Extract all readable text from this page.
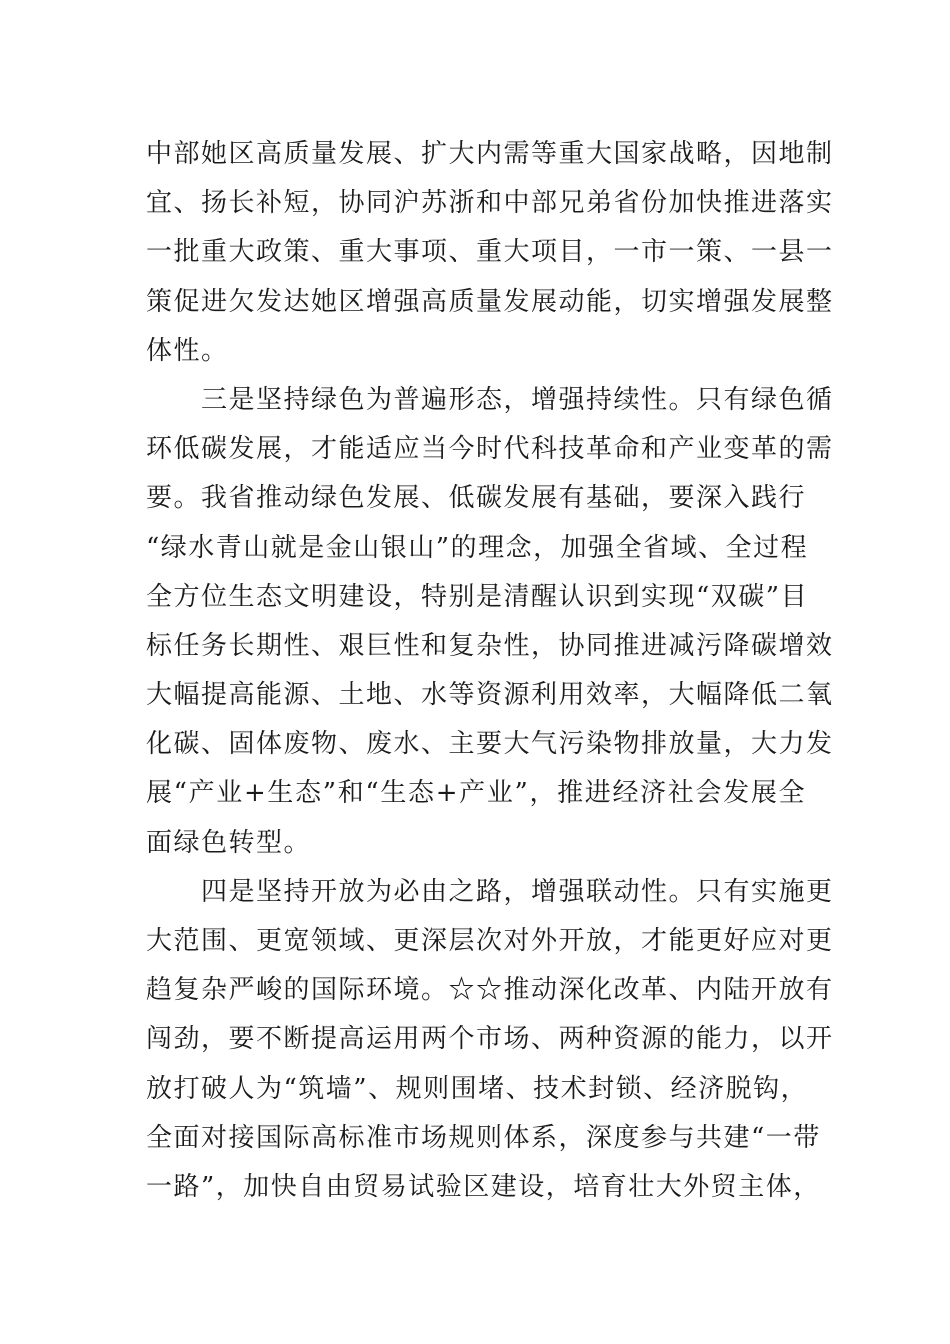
中部她区高质量发展、扩大内需等重大国家战略，因地制
宜、扬长补短，协同沪苏浙和中部兄弟省份加快推进落实
一批重大政策、重大事项、重大项目，一市一策、一县一
策促进欠发达她区增强高质量发展动能，切实增强发展整
体性。
三是坚持绿色为普遍形态，增强持续性。只有绿色循
环低碳发展，才能适应当今时代科技革命和产业变革的需
要。我省推动绿色发展、低碳发展有基础，要深入践行
“绿水青山就是金山银山”的理念，加强全省域、全过程
全方位生态文明建设，特别是清醒认识到实现“双碳”目
标任务长期性、艰巨性和复杂性，协同推进减污降碳增效
大幅提高能源、土地、水等资源利用效率，大幅降低二氧
化碳、固体废物、废水、主要大气污染物排放量，大力发
展“产业+生态”和“生态+产业”，推进经济社会发展全
面绿色转型。
四是坚持开放为必由之路，增强联动性。只有实施更
大范围、更宽领域、更深层次对外开放，才能更好应对更
趋复杂严峻的国际环境。☆☆推动深化改革、内陆开放有
闯劲，要不断提高运用两个市场、两种资源的能力，以开
放打破人为“筑墙”、规则围堵、技术封锁、经济脱钩，
全面对接国际高标准市场规则体系，深度参与共建“一带
一路”，加快自由贸易试验区建设，培育壮大外贸主体，
